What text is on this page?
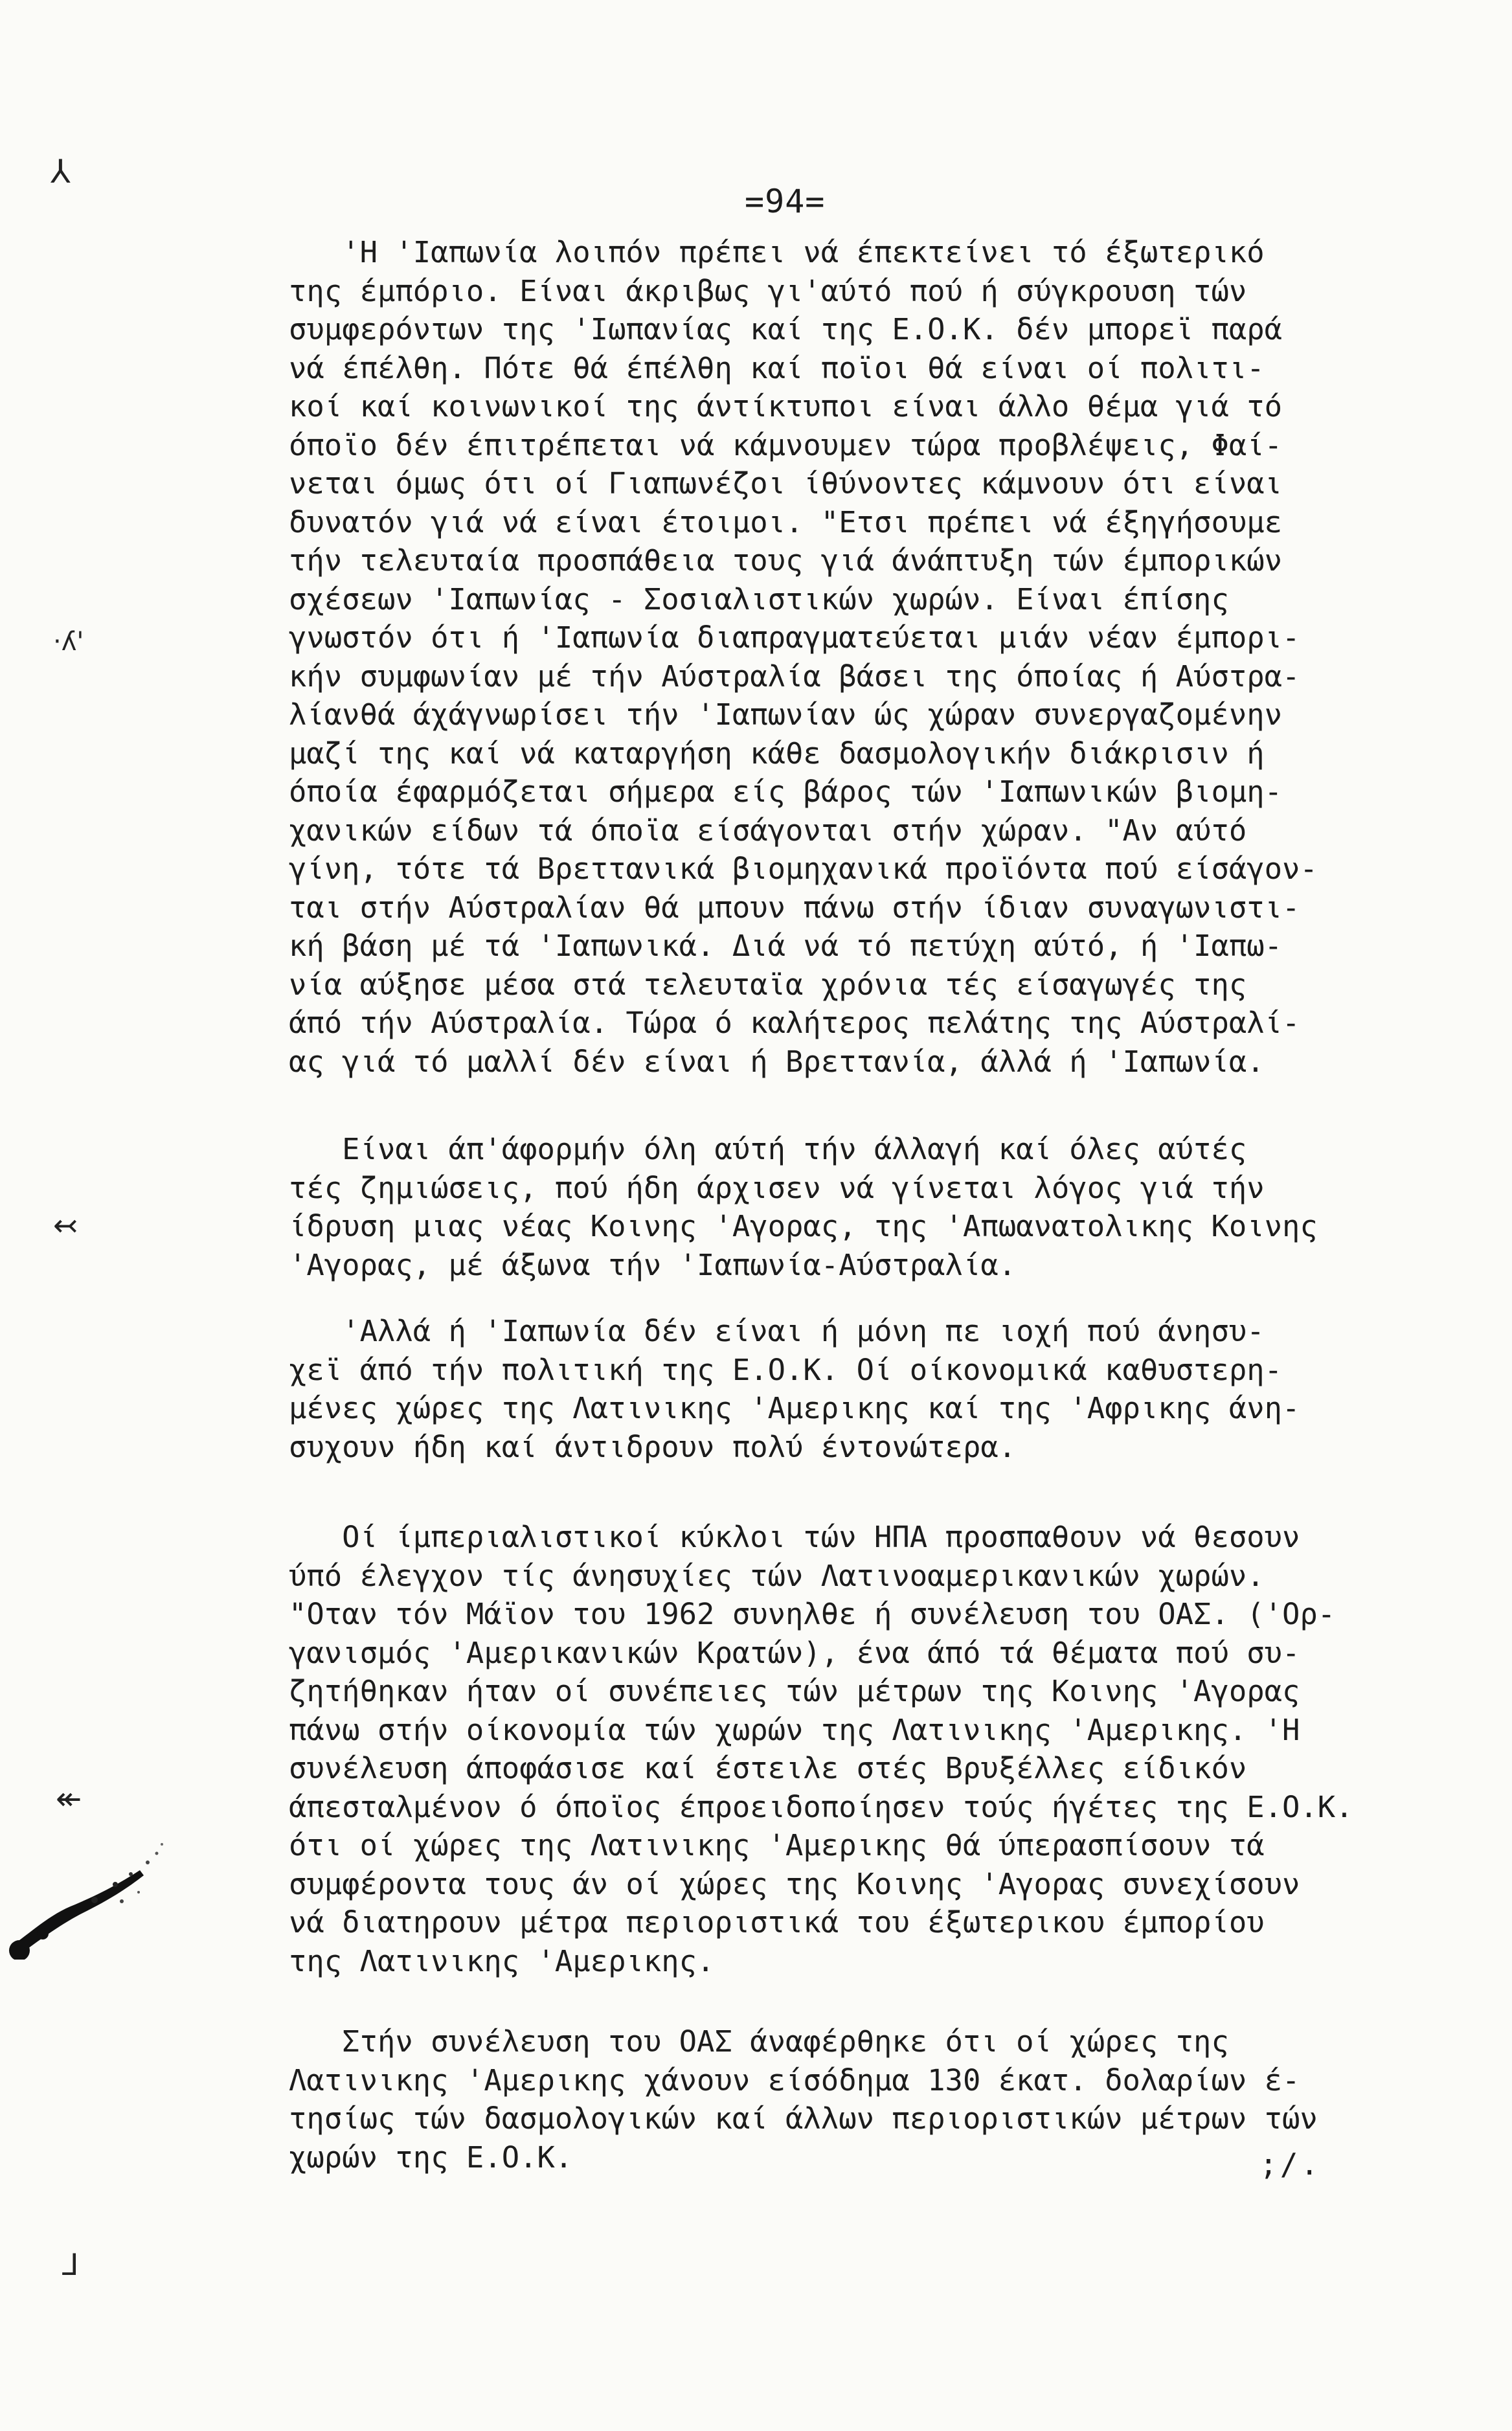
=94=
'Η 'Ιαπωνία λοιπόν πρέπει νά έπεκτείνει τό έξωτερικό
της έμπόριο. Είναι άκριβως γι'αύτό πού ή σύγκρουση τών
συμφερόντων της 'Ιωπανίας καί της Ε.Ο.Κ. δέν μπορεϊ παρά
νά έπέλθη. Πότε θά έπέλθη καί ποϊοι θά είναι οί πολιτι-
κοί καί κοινωνικοί της άντίκτυποι είναι άλλο θέμα γιά τό
όποϊο δέν έπιτρέπεται νά κάμνουμεν τώρα προβλέψεις, Φαί-
νεται όμως ότι οί Γιαπωνέζοι ίθύνοντες κάμνουν ότι είναι
δυνατόν γιά νά είναι έτοιμοι. "Ετσι πρέπει νά έξηγήσουμε
τήν τελευταία προσπάθεια τους γιά άνάπτυξη τών έμπορικών
σχέσεων 'Ιαπωνίας - Σοσιαλιστικών χωρών. Είναι έπίσης
γνωστόν ότι ή 'Ιαπωνία διαπραγματεύεται μιάν νέαν έμπορι-
κήν συμφωνίαν μέ τήν Αύστραλία βάσει της όποίας ή Αύστρα-
λίανθά άχάγνωρίσει τήν 'Ιαπωνίαν ώς χώραν συνεργαζομένην
μαζί της καί νά καταργήση κάθε δασμολογικήν διάκρισιν ή
όποία έφαρμόζεται σήμερα είς βάρος τών 'Ιαπωνικών βιομη-
χανικών είδων τά όποϊα είσάγονται στήν χώραν. "Αν αύτό
γίνη, τότε τά Βρεττανικά βιομηχανικά προϊόντα πού είσάγον-
ται στήν Αύστραλίαν θά μπουν πάνω στήν ίδιαν συναγωνιστι-
κή βάση μέ τά 'Ιαπωνικά. Διά νά τό πετύχη αύτό, ή 'Ιαπω-
νία αύξησε μέσα στά τελευταϊα χρόνια τές είσαγωγές της
άπό τήν Αύστραλία. Τώρα ό καλήτερος πελάτης της Αύστραλί-
ας γιά τό μαλλί δέν είναι ή Βρεττανία, άλλά ή 'Ιαπωνία.
Είναι άπ'άφορμήν όλη αύτή τήν άλλαγή καί όλες αύτές
τές ζημιώσεις, πού ήδη άρχισεν νά γίνεται λόγος γιά τήν
ίδρυση μιας νέας Κοινης 'Αγορας, της 'Απωανατολικης Κοινης
'Αγορας, μέ άξωνα τήν 'Ιαπωνία-Αύστραλία.
'Αλλά ή 'Ιαπωνία δέν είναι ή μόνη πε ιοχή πού άνησυ-
χεϊ άπό τήν πολιτική της Ε.Ο.Κ. Οί οίκονομικά καθυστερη-
μένες χώρες της Λατινικης 'Αμερικης καί της 'Αφρικης άνη-
συχουν ήδη καί άντιδρουν πολύ έντονώτερα.
Οί ίμπεριαλιστικοί κύκλοι τών ΗΠΑ προσπαθουν νά θεσουν
ύπό έλεγχον τίς άνησυχίες τών Λατινοαμερικανικών χωρών.
"Οταν τόν Μάϊον του 1962 συνηλθε ή συνέλευση του ΟΑΣ. ('Ορ-
γανισμός 'Αμερικανικών Κρατών), ένα άπό τά θέματα πού συ-
ζητήθηκαν ήταν οί συνέπειες τών μέτρων της Κοινης 'Αγορας
πάνω στήν οίκονομία τών χωρών της Λατινικης 'Αμερικης. 'Η
συνέλευση άποφάσισε καί έστειλε στές Βρυξέλλες είδικόν
άπεσταλμένον ό όποϊος έπροειδοποίησεν τούς ήγέτες της Ε.Ο.Κ.
ότι οί χώρες της Λατινικης 'Αμερικης θά ύπερασπίσουν τά
συμφέροντα τους άν οί χώρες της Κοινης 'Αγορας συνεχίσουν
νά διατηρουν μέτρα περιοριστικά του έξωτερικου έμπορίου
της Λατινικης 'Αμερικης.
Στήν συνέλευση του ΟΑΣ άναφέρθηκε ότι οί χώρες της
Λατινικης 'Αμερικης χάνουν είσόδημα 130 έκατ. δολαρίων έ-
τησίως τών δασμολογικών καί άλλων περιοριστικών μέτρων τών
χωρών της Ε.Ο.Κ.	;/.
⅄
·ʎ'
↢
↞
⅃
